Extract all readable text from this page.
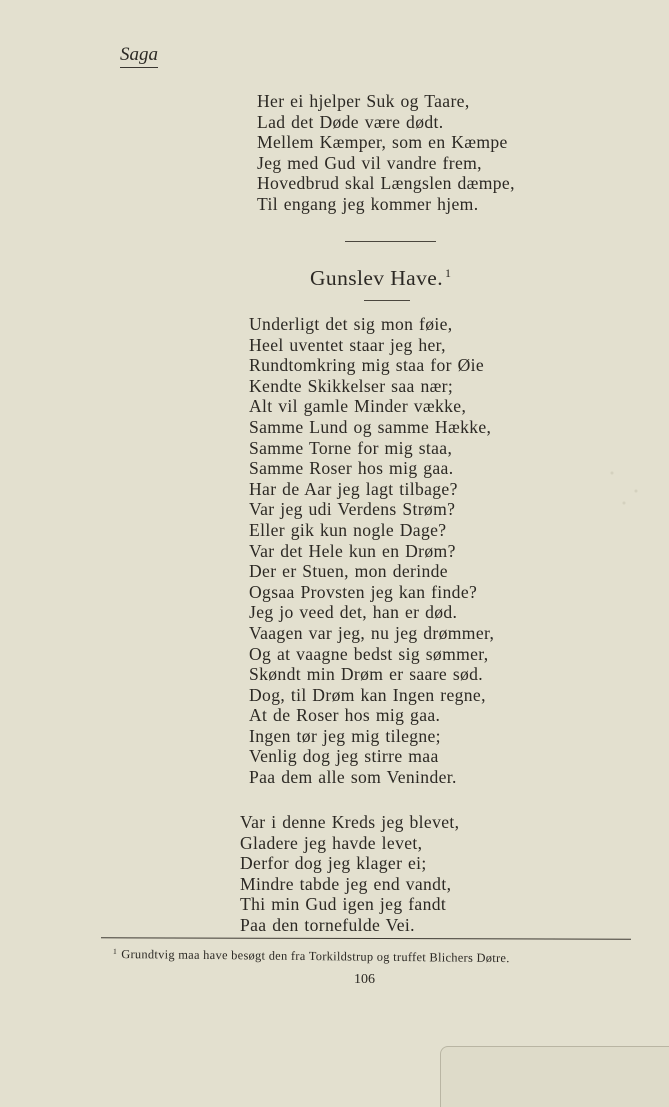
Saga
Her ei hjelper Suk og Taare,
Lad det Døde være dødt.
Mellem Kæmper, som en Kæmpe
Jeg med Gud vil vandre frem,
Hovedbrud skal Længslen dæmpe,
Til engang jeg kommer hjem.
Gunslev Have. $^1$
Underligt det sig mon føie,
Heel uventet staar jeg her,
Rundtomkring mig staa for Øie
Kendte Skikkelser saa nær;
Alt vil gamle Minder vække,
Samme Lund og samme Hække,
Samme Torne for mig staa,
Samme Roser hos mig gaa.
Har de Aar jeg lagt tilbage?
Var jeg udi Verdens Strøm?
Eller gik kun nogle Dage?
Var det Hele kun en Drøm?
Der er Stuen, mon derinde
Ogsaa Provsten jeg kan finde?
Jeg jo veed det, han er død.
Vaagen var jeg, nu jeg drømmer,
Og at vaagne bedst sig sømmer,
Skøndt min Drøm er saare sød.
Dog, til Drøm kan Ingen regne,
At de Roser hos mig gaa.
Ingen tør jeg mig tilegne;
Venlig dog jeg stirre maa
Paa dem alle som Veninder.
Var i denne Kreds jeg blevet,
Gladere jeg havde levet,
Derfor dog jeg klager ei;
Mindre tabde jeg end vandt,
Thi min Gud igen jeg fandt
Paa den tornefulde Vei.
$^1$ Grundtvig maa have besøgt den fra Torkildstrup og truffet Blichers Døtre.
106
